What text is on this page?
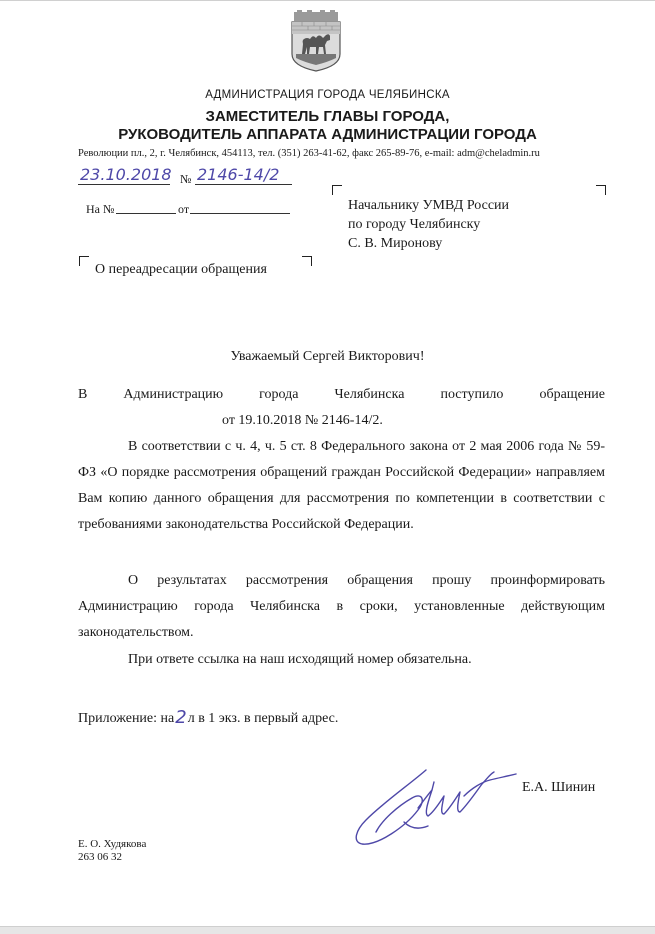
АДМИНИСТРАЦИЯ ГОРОДА ЧЕЛЯБИНСКА
ЗАМЕСТИТЕЛЬ ГЛАВЫ ГОРОДА,
РУКОВОДИТЕЛЬ АППАРАТА АДМИНИСТРАЦИИ ГОРОДА
Революции пл., 2, г. Челябинск, 454113, тел. (351) 263-41-62, факс 265-89-76, e-mail: adm@cheladmin.ru
23.10.2018 № 2146-14/2
На №	от	Начальнику УМВД России
по городу Челябинску
С. В. Миронову
О переадресации обращения
Уважаемый Сергей Викторович!
В Администрацию города Челябинска поступило обращение
от 19.10.2018 № 2146-14/2.
В соответствии с ч. 4, ч. 5 ст. 8 Федерального закона от 2 мая 2006 года № 59-ФЗ «О порядке рассмотрения обращений граждан Российской Федерации» направляем Вам копию данного обращения для рассмотрения по компетенции в соответствии с требованиями законодательства Российской Федерации.
О результатах рассмотрения обращения прошу проинформировать Администрацию города Челябинска в сроки, установленные действующим законодательством.
При ответе ссылка на наш исходящий номер обязательна.
Приложение: на2л в 1 экз. в первый адрес.
Е.А. Шинин
Е. О. Худякова
263 06 32
